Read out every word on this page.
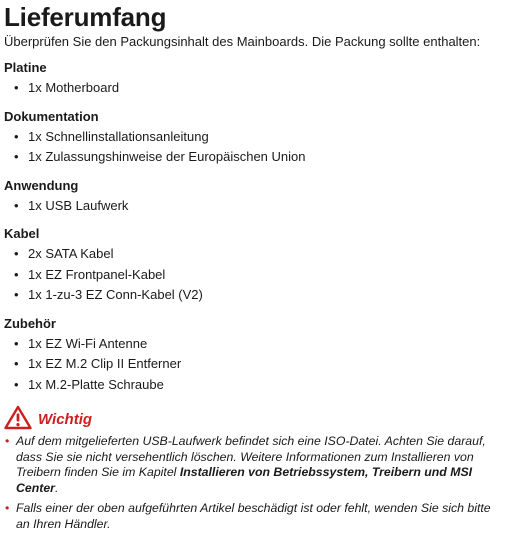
Lieferumfang

Überprüfen Sie den Packungsinhalt des Mainboards. Die Packung sollte enthalten:

Platine
• 1x Motherboard
Dokumentation
• 1x Schnellinstallationsanleitung
• 1x Zulassungshinweise der Europäischen Union
Anwendung
• 1x USB Laufwerk
Kabel
• 2x SATA Kabel
• 1x EZ Frontpanel-Kabel
• 1x 1-zu-3 EZ Conn-Kabel (V2)
Zubehör
• 1x EZ Wi-Fi Antenne
• 1x EZ M.2 Clip II Entferner
• 1x M.2-Platte Schraube
Wichtig
• Auf dem mitgelieferten USB-Laufwerk befindet sich eine ISO-Datei. Achten Sie darauf, dass Sie sie nicht versehentlich löschen. Weitere Informationen zum Installieren von Treibern finden Sie im Kapitel Installieren von Betriebssystem, Treibern und MSI Center.
• Falls einer der oben aufgeführten Artikel beschädigt ist oder fehlt, wenden Sie sich bitte an Ihren Händler.
